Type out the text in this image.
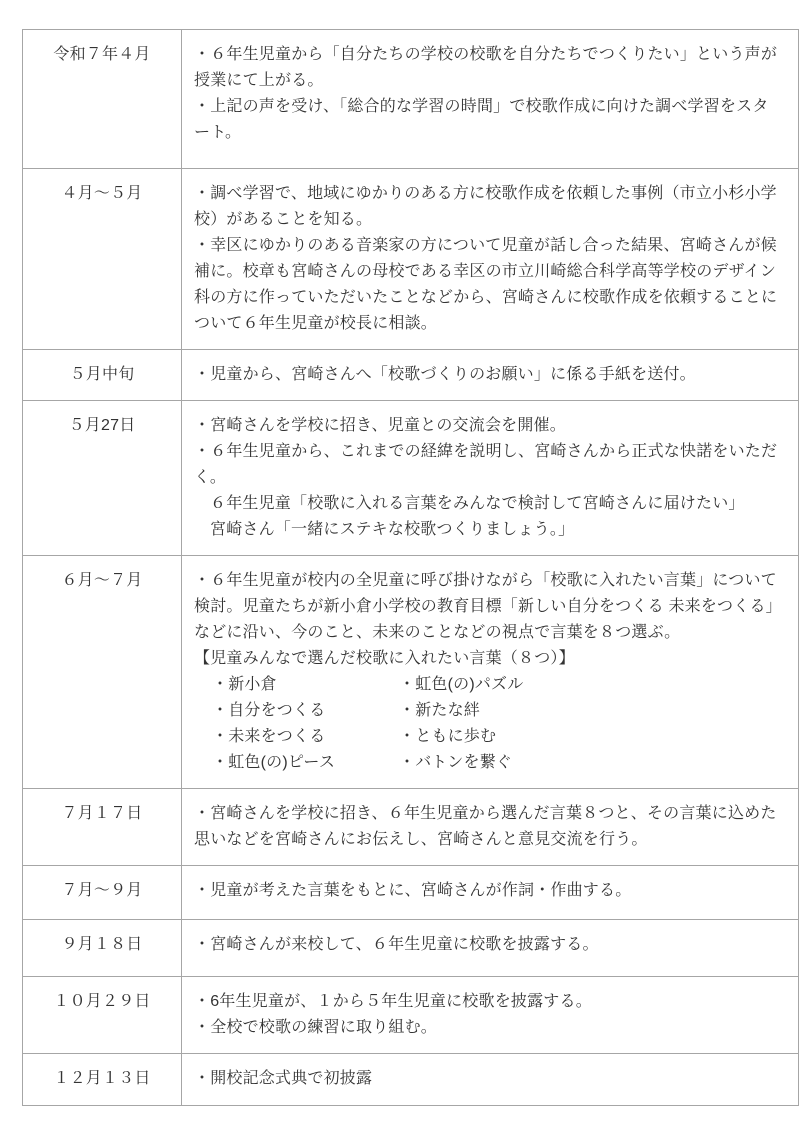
令和７年４月	・６年生児童から「自分たちの学校の校歌を自分たちでつくりたい」という声が授業にて上がる。
・上記の声を受け、「総合的な学習の時間」で校歌作成に向けた調べ学習をスタート。

４月～５月	・調べ学習で、地域にゆかりのある方に校歌作成を依頼した事例（市立小杉小学校）があることを知る。
・幸区にゆかりのある音楽家の方について児童が話し合った結果、宮崎さんが候補に。校章も宮崎さんの母校である幸区の市立川崎総合科学高等学校のデザイン科の方に作っていただいたことなどから、宮崎さんに校歌作成を依頼することについて６年生児童が校長に相談。

５月中旬	・児童から、宮崎さんへ「校歌づくりのお願い」に係る手紙を送付。

５月27日	・宮崎さんを学校に招き、児童との交流会を開催。
・６年生児童から、これまでの経緯を説明し、宮崎さんから正式な快諾をいただく。
６年生児童「校歌に入れる言葉をみんなで検討して宮崎さんに届けたい」
宮崎さん「一緒にステキな校歌つくりましょう。」

６月～７月	・６年生児童が校内の全児童に呼び掛けながら「校歌に入れたい言葉」について検討。児童たちが新小倉小学校の教育目標「新しい自分をつくる 未来をつくる」などに沿い、今のこと、未来のことなどの視点で言葉を８つ選ぶ。
【児童みんなで選んだ校歌に入れたい言葉（８つ）】
・新小倉	・虹色(の)パズル
・自分をつくる	・新たな絆
・未来をつくる	・ともに歩む
・虹色(の)ピース	・バトンを繋ぐ

７月１７日	・宮崎さんを学校に招き、６年生児童から選んだ言葉８つと、その言葉に込めた思いなどを宮崎さんにお伝えし、宮崎さんと意見交流を行う。

７月～９月	・児童が考えた言葉をもとに、宮崎さんが作詞・作曲する。

９月１８日	・宮崎さんが来校して、６年生児童に校歌を披露する。

１０月２９日	・6年生児童が、１から５年生児童に校歌を披露する。
・全校で校歌の練習に取り組む。

１２月１３日	・開校記念式典で初披露
